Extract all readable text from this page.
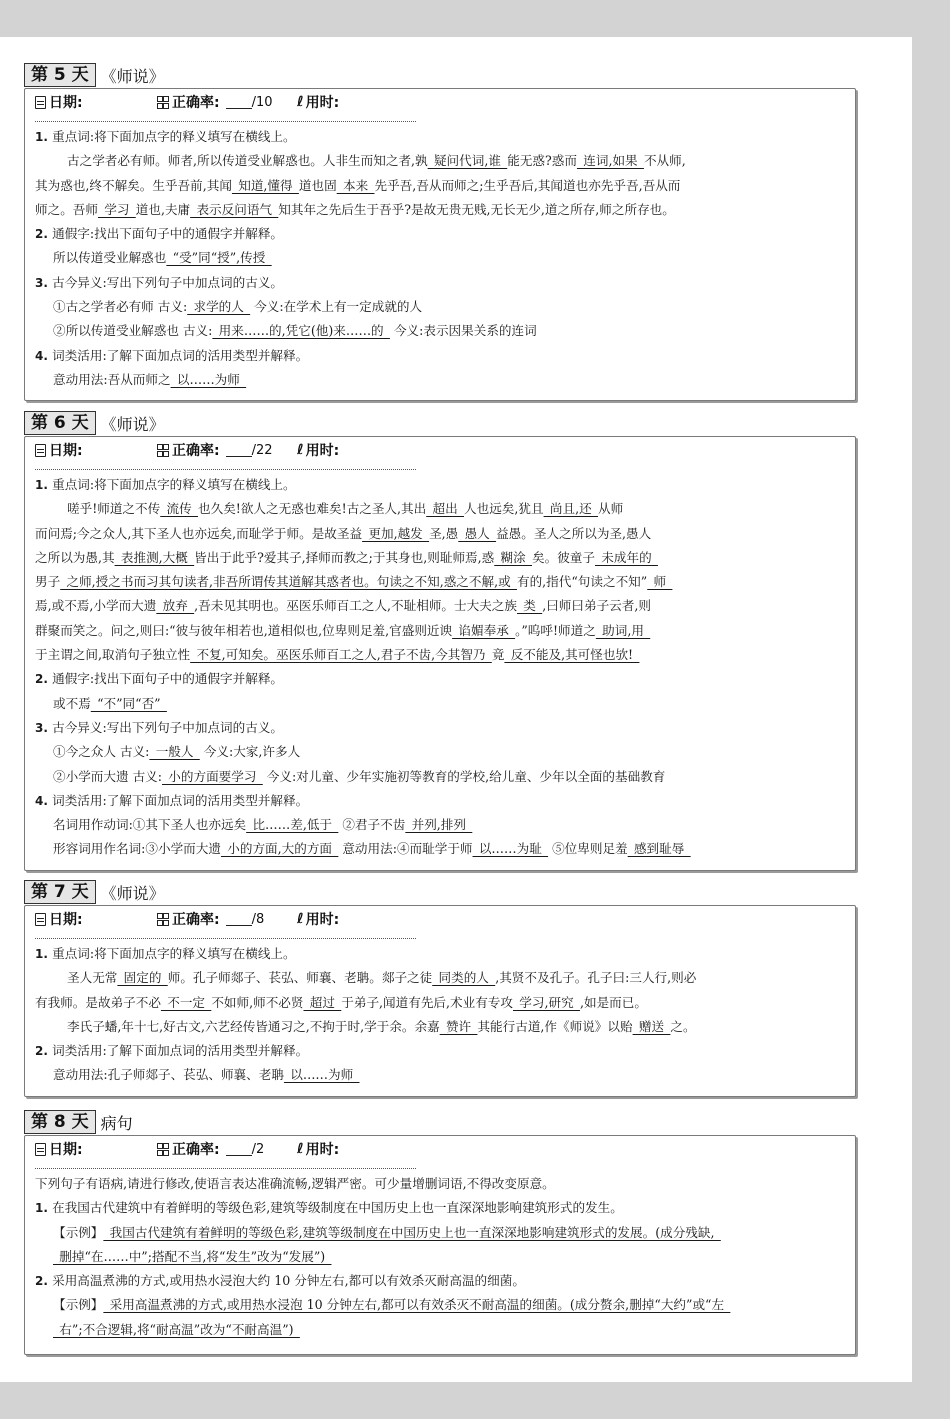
第 5 天 《师说》
日期:	正确率: /10 ℓ 用时:
1. 重点词:将下面加点字的释义填写在横线上。
古之学者必有师。师者,所以传道受业解惑也。人非生而知之者,孰 疑问代词,谁 能无惑?惑而 连词,如果 不从师,
其为惑也,终不解矣。生乎吾前,其闻 知道,懂得 道也固 本来 先乎吾,吾从而师之;生乎吾后,其闻道也亦先乎吾,吾从而
师之。吾师 学习 道也,夫庸 表示反问语气 知其年之先后生于吾乎?是故无贵无贱,无长无少,道之所存,师之所存也。
2. 通假字:找出下面句子中的通假字并解释。
所以传道受业解惑也 “受”同“授”,传授 
3. 古今异义:写出下列句子中加点词的古义。
①古之学者必有师 古义: 求学的人  今义:在学术上有一定成就的人
②所以传道受业解惑也 古义: 用来……的,凭它(他)来……的  今义:表示因果关系的连词
4. 词类活用:了解下面加点词的活用类型并解释。
意动用法:吾从而师之 以……为师 
第 6 天 《师说》
日期:	正确率: /22 ℓ 用时:
1. 重点词:将下面加点字的释义填写在横线上。
嗟乎!师道之不传 流传 也久矣!欲人之无惑也难矣!古之圣人,其出 超出 人也远矣,犹且 尚且,还 从师
而问焉;今之众人,其下圣人也亦远矣,而耻学于师。是故圣益 更加,越发 圣,愚 愚人 益愚。圣人之所以为圣,愚人
之所以为愚,其 表推测,大概 皆出于此乎?爱其子,择师而教之;于其身也,则耻师焉,惑 糊涂 矣。彼童子 未成年的 
男子 之师,授之书而习其句读者,非吾所谓传其道解其惑者也。句读之不知,惑之不解,或 有的,指代“句读之不知” 师 
焉,或不焉,小学而大遗 放弃 ,吾未见其明也。巫医乐师百工之人,不耻相师。士大夫之族 类 ,曰师曰弟子云者,则
群聚而笑之。问之,则曰:“彼与彼年相若也,道相似也,位卑则足羞,官盛则近谀 谄媚奉承 。”呜呼!师道之 助词,用 
于主谓之间,取消句子独立性 不复,可知矣。巫医乐师百工之人,君子不齿,今其智乃 竟 反不能及,其可怪也欤! 
2. 通假字:找出下面句子中的通假字并解释。
或不焉 “不”同“否” 
3. 古今异义:写出下列句子中加点词的古义。
①今之众人 古义: 一般人  今义:大家,许多人
②小学而大遗 古义: 小的方面要学习  今义:对儿童、少年实施初等教育的学校,给儿童、少年以全面的基础教育
4. 词类活用:了解下面加点词的活用类型并解释。
名词用作动词:①其下圣人也亦远矣 比……差,低于  ②君子不齿 并列,排列 
形容词用作名词:③小学而大遗 小的方面,大的方面  意动用法:④而耻学于师 以……为耻  ⑤位卑则足羞 感到耻辱 
第 7 天 《师说》
日期:	正确率: /8 ℓ 用时:
1. 重点词:将下面加点字的释义填写在横线上。
圣人无常 固定的 师。孔子师郯子、苌弘、师襄、老聃。郯子之徒 同类的人 ,其贤不及孔子。孔子曰:三人行,则必
有我师。是故弟子不必 不一定 不如师,师不必贤 超过 于弟子,闻道有先后,术业有专攻 学习,研究 ,如是而已。
李氏子蟠,年十七,好古文,六艺经传皆通习之,不拘于时,学于余。余嘉 赞许 其能行古道,作《师说》以贻 赠送 之。
2. 词类活用:了解下面加点词的活用类型并解释。
意动用法:孔子师郯子、苌弘、师襄、老聃 以……为师 
第 8 天 病句
日期:	正确率: /2 ℓ 用时:
下列句子有语病,请进行修改,使语言表达准确流畅,逻辑严密。可少量增删词语,不得改变原意。
1. 在我国古代建筑中有着鲜明的等级色彩,建筑等级制度在中国历史上也一直深深地影响建筑形式的发生。
【示例】 我国古代建筑有着鲜明的等级色彩,建筑等级制度在中国历史上也一直深深地影响建筑形式的发展。(成分残缺, 
 删掉“在……中”;搭配不当,将“发生”改为“发展”) 
2. 采用高温煮沸的方式,或用热水浸泡大约 10 分钟左右,都可以有效杀灭耐高温的细菌。
【示例】 采用高温煮沸的方式,或用热水浸泡 10 分钟左右,都可以有效杀灭不耐高温的细菌。(成分赘余,删掉“大约”或“左 
 右”;不合逻辑,将“耐高温”改为“不耐高温”) 
